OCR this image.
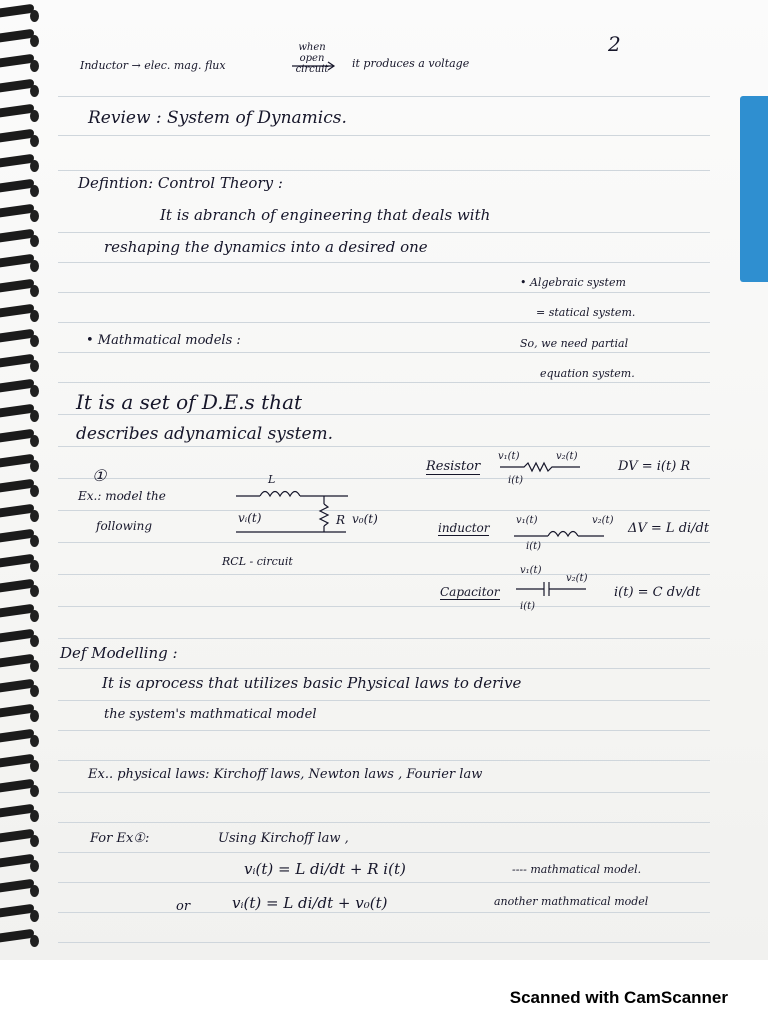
Inductor → elec. mag. flux
when open circuit	it produces a voltage
2
Review : System of Dynamics.
Defintion: Control Theory :
It is abranch of engineering that deals with
reshaping the dynamics into a desired one
• Algebraic system
= statical system.
So, we need partial
equation system.
• Mathmatical models :
It is a set of D.E.s that
describes adynamical system.
①
Ex.: model the
following
L
vᵢ(t)	R v₀(t)
RCL - circuit
Resistor
v₁(t)	v₂(t)
i(t)
DV = i(t) R
inductor
v₁(t)	v₂(t)
i(t)
ΔV = L di/dt
Capacitor
v₁(t)
v₂(t)
i(t)
i(t) = C dv/dt
Def Modelling :
It is aprocess that utilizes basic Physical laws to derive
the system's mathmatical model
Ex.. physical laws: Kirchoff laws, Newton laws , Fourier law
For Ex①:	Using Kirchoff law ,
vᵢ(t) = L di/dt + R i(t)	---- mathmatical model.
or	vᵢ(t) = L di/dt + v₀(t)	another mathmatical model
Scanned with CamScanner
